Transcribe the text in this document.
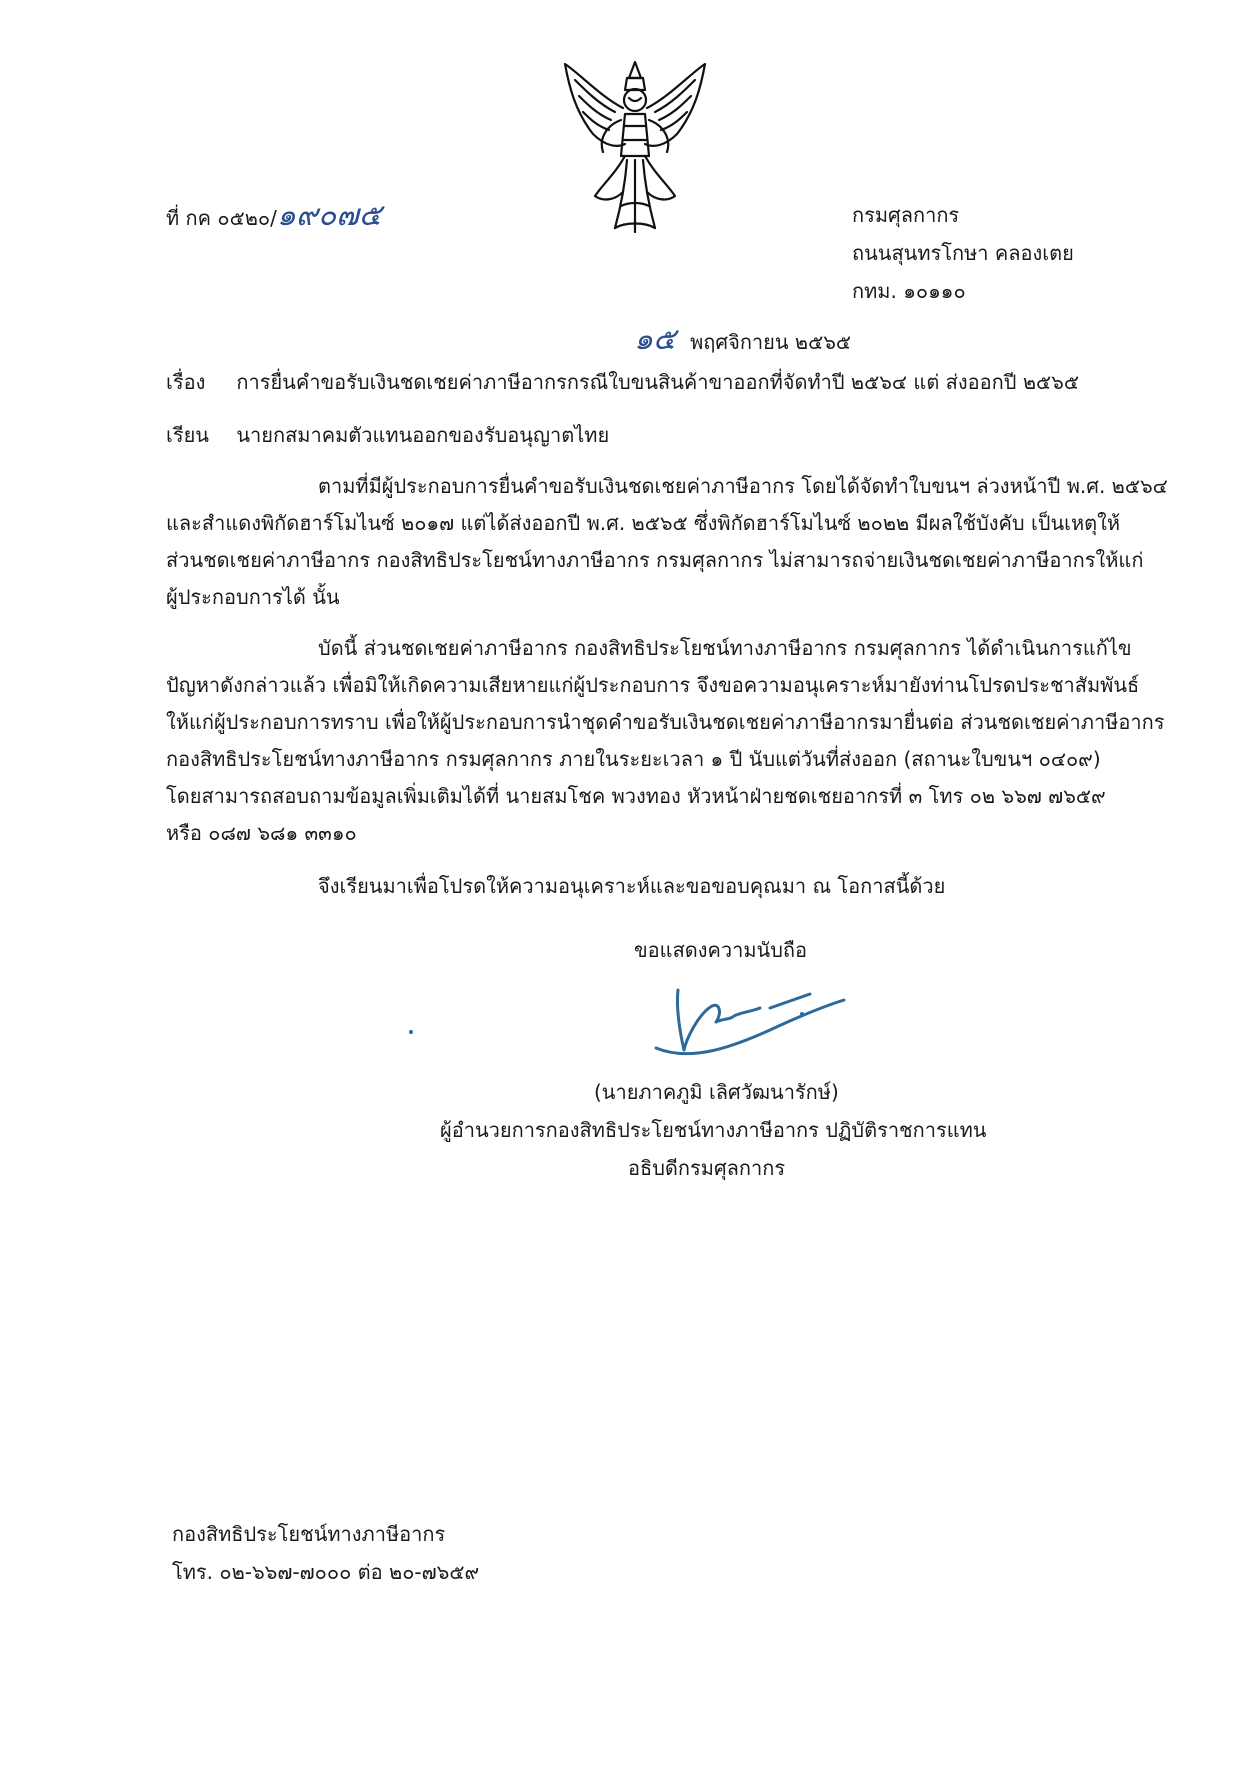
ที่ กค ๐๕๒๐/๑๙๐๗๕	กรมศุลกากร
ถนนสุนทรโกษา คลองเตย
กทม. ๑๐๑๑๐
๑๕ พฤศจิกายน ๒๕๖๕
เรื่อง การยื่นคำขอรับเงินชดเชยค่าภาษีอากรกรณีใบขนสินค้าขาออกที่จัดทำปี ๒๕๖๔ แต่ ส่งออกปี ๒๕๖๕
เรียน นายกสมาคมตัวแทนออกของรับอนุญาตไทย
ตามที่มีผู้ประกอบการยื่นคำขอรับเงินชดเชยค่าภาษีอากร โดยได้จัดทำใบขนฯ ล่วงหน้าปี พ.ศ. ๒๕๖๔
และสำแดงพิกัดฮาร์โมไนซ์ ๒๐๑๗ แต่ได้ส่งออกปี พ.ศ. ๒๕๖๕ ซึ่งพิกัดฮาร์โมไนซ์ ๒๐๒๒ มีผลใช้บังคับ เป็นเหตุให้
ส่วนชดเชยค่าภาษีอากร กองสิทธิประโยชน์ทางภาษีอากร กรมศุลกากร ไม่สามารถจ่ายเงินชดเชยค่าภาษีอากรให้แก่
ผู้ประกอบการได้ นั้น
บัดนี้ ส่วนชดเชยค่าภาษีอากร กองสิทธิประโยชน์ทางภาษีอากร กรมศุลกากร ได้ดำเนินการแก้ไข
ปัญหาดังกล่าวแล้ว เพื่อมิให้เกิดความเสียหายแก่ผู้ประกอบการ จึงขอความอนุเคราะห์มายังท่านโปรดประชาสัมพันธ์
ให้แก่ผู้ประกอบการทราบ เพื่อให้ผู้ประกอบการนำชุดคำขอรับเงินชดเชยค่าภาษีอากรมายื่นต่อ ส่วนชดเชยค่าภาษีอากร
กองสิทธิประโยชน์ทางภาษีอากร กรมศุลกากร ภายในระยะเวลา ๑ ปี นับแต่วันที่ส่งออก (สถานะใบขนฯ ๐๔๐๙)
โดยสามารถสอบถามข้อมูลเพิ่มเติมได้ที่ นายสมโชค พวงทอง หัวหน้าฝ่ายชดเชยอากรที่ ๓ โทร ๐๒ ๖๖๗ ๗๖๕๙
หรือ ๐๘๗ ๖๘๑ ๓๓๑๐
จึงเรียนมาเพื่อโปรดให้ความอนุเคราะห์และขอขอบคุณมา ณ โอกาสนี้ด้วย
ขอแสดงความนับถือ
(นายภาคภูมิ เลิศวัฒนารักษ์)
ผู้อำนวยการกองสิทธิประโยชน์ทางภาษีอากร ปฏิบัติราชการแทน
อธิบดีกรมศุลกากร
กองสิทธิประโยชน์ทางภาษีอากร
โทร. ๐๒-๖๖๗-๗๐๐๐ ต่อ ๒๐-๗๖๕๙
